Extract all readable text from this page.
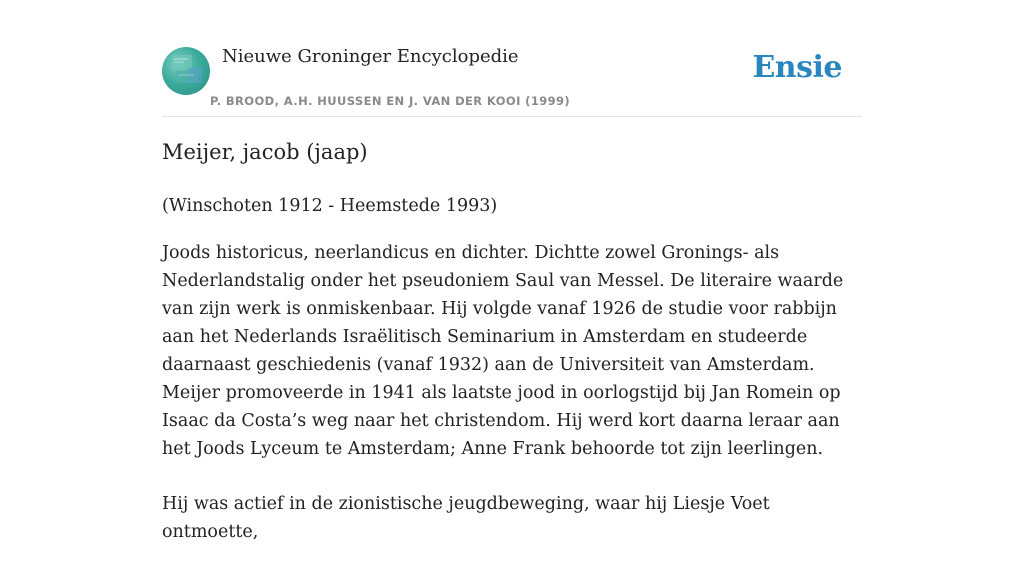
Nieuwe Groninger Encyclopedie
P. BROOD, A.H. HUUSSEN EN J. VAN DER KOOI (1999)
Ensie
Meijer, jacob (jaap)

(Winschoten 1912 - Heemstede 1993)

Joods historicus, neerlandicus en dichter. Dichtte zowel Gronings- als Nederlandstalig onder het pseudoniem Saul van Messel. De literaire waarde van zijn werk is onmiskenbaar. Hij volgde vanaf 1926 de studie voor rabbijn aan het Nederlands Israëlitisch Seminarium in Amsterdam en studeerde daarnaast geschiedenis (vanaf 1932) aan de Universiteit van Amsterdam. Meijer promoveerde in 1941 als laatste jood in oorlogstijd bij Jan Romein op Isaac da Costa’s weg naar het christendom. Hij werd kort daarna leraar aan het Joods Lyceum te Amsterdam; Anne Frank behoorde tot zijn leerlingen.

Hij was actief in de zionistische jeugdbeweging, waar hij Liesje Voet ontmoette,
